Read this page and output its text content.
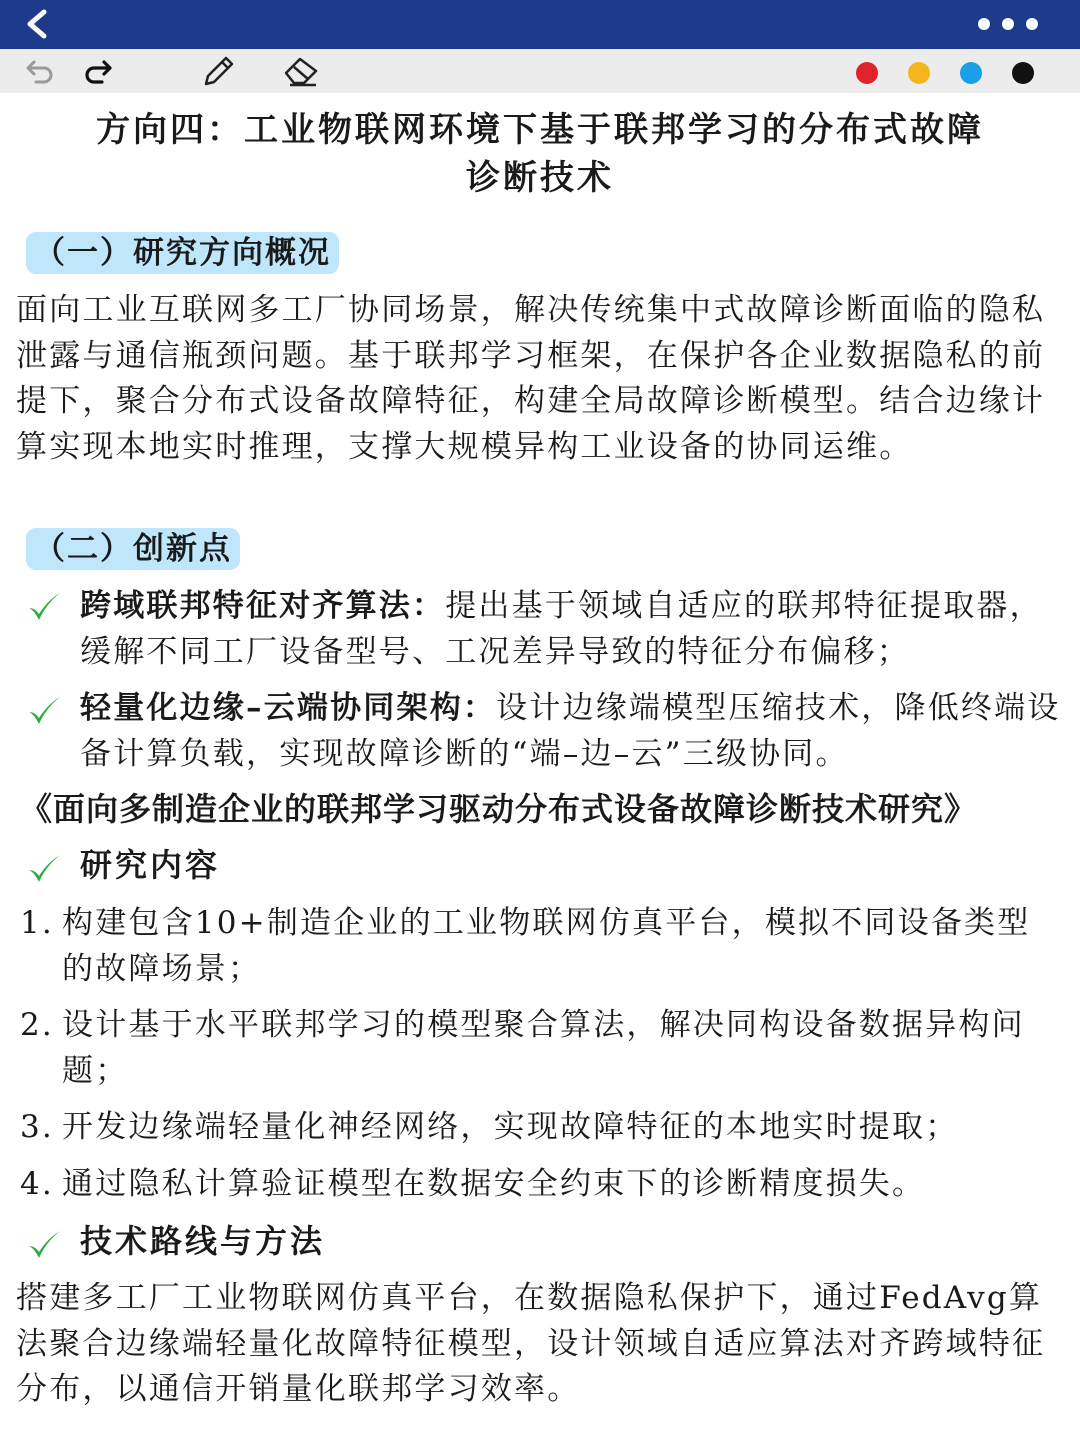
方向四：工业物联网环境下基于联邦学习的分布式故障
诊断技术
（一）研究方向概况
面向工业互联网多工厂协同场景，解决传统集中式故障诊断面临的隐私泄露与通信瓶颈问题。基于联邦学习框架，在保护各企业数据隐私的前提下，聚合分布式设备故障特征，构建全局故障诊断模型。结合边缘计算实现本地实时推理，支撑大规模异构工业设备的协同运维。
（二）创新点
跨域联邦特征对齐算法：提出基于领域自适应的联邦特征提取器，缓解不同工厂设备型号、工况差异导致的特征分布偏移；
轻量化边缘–云端协同架构：设计边缘端模型压缩技术，降低终端设备计算负载，实现故障诊断的“端–边–云”三级协同。
《面向多制造企业的联邦学习驱动分布式设备故障诊断技术研究》
研究内容
1. 构建包含10+制造企业的工业物联网仿真平台，模拟不同设备类型的故障场景；
2. 设计基于水平联邦学习的模型聚合算法，解决同构设备数据异构问题；
3. 开发边缘端轻量化神经网络，实现故障特征的本地实时提取；
4. 通过隐私计算验证模型在数据安全约束下的诊断精度损失。
技术路线与方法
搭建多工厂工业物联网仿真平台，在数据隐私保护下，通过FedAvg算法聚合边缘端轻量化故障特征模型，设计领域自适应算法对齐跨域特征分布，以通信开销量化联邦学习效率。
